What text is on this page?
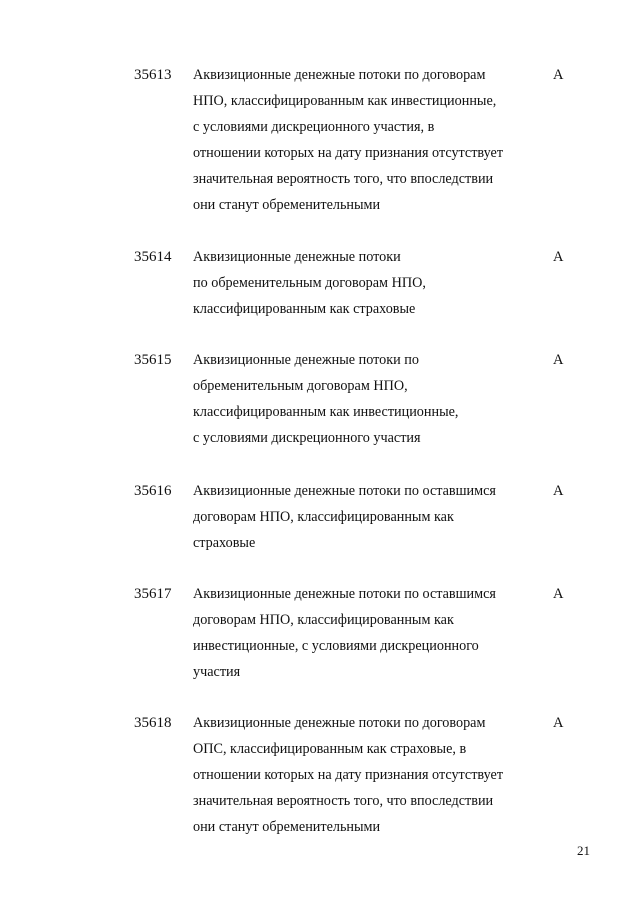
35613 Аквизиционные денежные потоки по договорам
НПО, классифицированным как инвестиционные,
с условиями дискреционного участия, в
отношении которых на дату признания отсутствует
значительная вероятность того, что впоследствии
они станут обременительными
А
35614 Аквизиционные денежные потоки
по обременительным договорам НПО,
классифицированным как страховые
А
35615 Аквизиционные денежные потоки по
обременительным договорам НПО,
классифицированным как инвестиционные,
с условиями дискреционного участия
А
35616 Аквизиционные денежные потоки по оставшимся
договорам НПО, классифицированным как
страховые
А
35617 Аквизиционные денежные потоки по оставшимся
договорам НПО, классифицированным как
инвестиционные, с условиями дискреционного
участия
А
35618 Аквизиционные денежные потоки по договорам
ОПС, классифицированным как страховые, в
отношении которых на дату признания отсутствует
значительная вероятность того, что впоследствии
они станут обременительными
А
21
